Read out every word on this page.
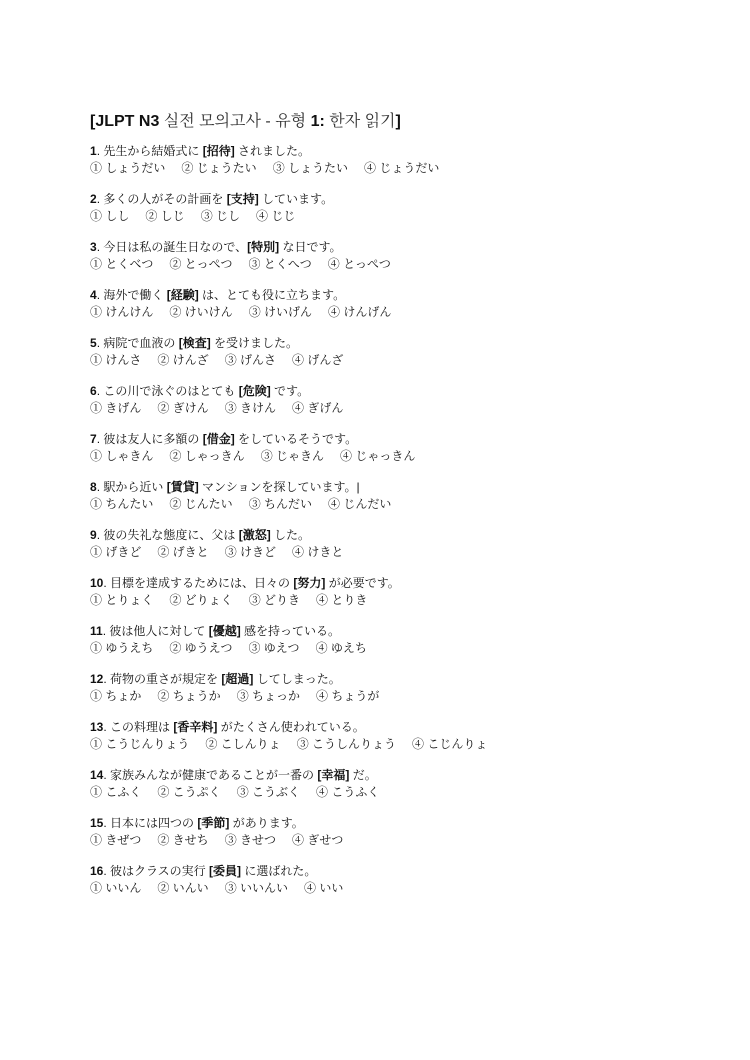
[JLPT N3 실전 모의고사 - 유형 1: 한자 읽기]
1. 先生から結婚式に [招待] されました。
① しょうだい ② じょうたい ③ しょうたい ④ じょうだい
2. 多くの人がその計画を [支持] しています。
① しし ② しじ ③ じし ④ じじ
3. 今日は私の誕生日なので、[特別] な日です。
① とくべつ ② とっぺつ ③ とくへつ ④ とっぺつ
4. 海外で働く [経験] は、とても役に立ちます。
① けんけん ② けいけん ③ けいげん ④ けんげん
5. 病院で血液の [検査] を受けました。
① けんさ ② けんざ ③ げんさ ④ げんざ
6. この川で泳ぐのはとても [危険] です。
① きげん ② ぎけん ③ きけん ④ ぎげん
7. 彼は友人に多額の [借金] をしているそうです。
① しゃきん ② しゃっきん ③ じゃきん ④ じゃっきん
8. 駅から近い [賃貸] マンションを探しています。|
① ちんたい ② じんたい ③ ちんだい ④ じんだい
9. 彼の失礼な態度に、父は [激怒] した。
① げきど ② げきと ③ けきど ④ けきと
10. 目標を達成するためには、日々の [努力] が必要です。
① とりょく ② どりょく ③ どりき ④ とりき
11. 彼は他人に対して [優越] 感を持っている。
① ゆうえち ② ゆうえつ ③ ゆえつ ④ ゆえち
12. 荷物の重さが規定を [超過] してしまった。
① ちょか ② ちょうか ③ ちょっか ④ ちょうが
13. この料理は [香辛料] がたくさん使われている。
① こうじんりょう ② こしんりょ ③ こうしんりょう ④ こじんりょ
14. 家族みんなが健康であることが一番の [幸福] だ。
① こふく ② こうぷく ③ こうぶく ④ こうふく
15. 日本には四つの [季節] があります。
① きぜつ ② きせち ③ きせつ ④ ぎせつ
16. 彼はクラスの実行 [委員] に選ばれた。
① いいん ② いんい ③ いいんい ④ いい
